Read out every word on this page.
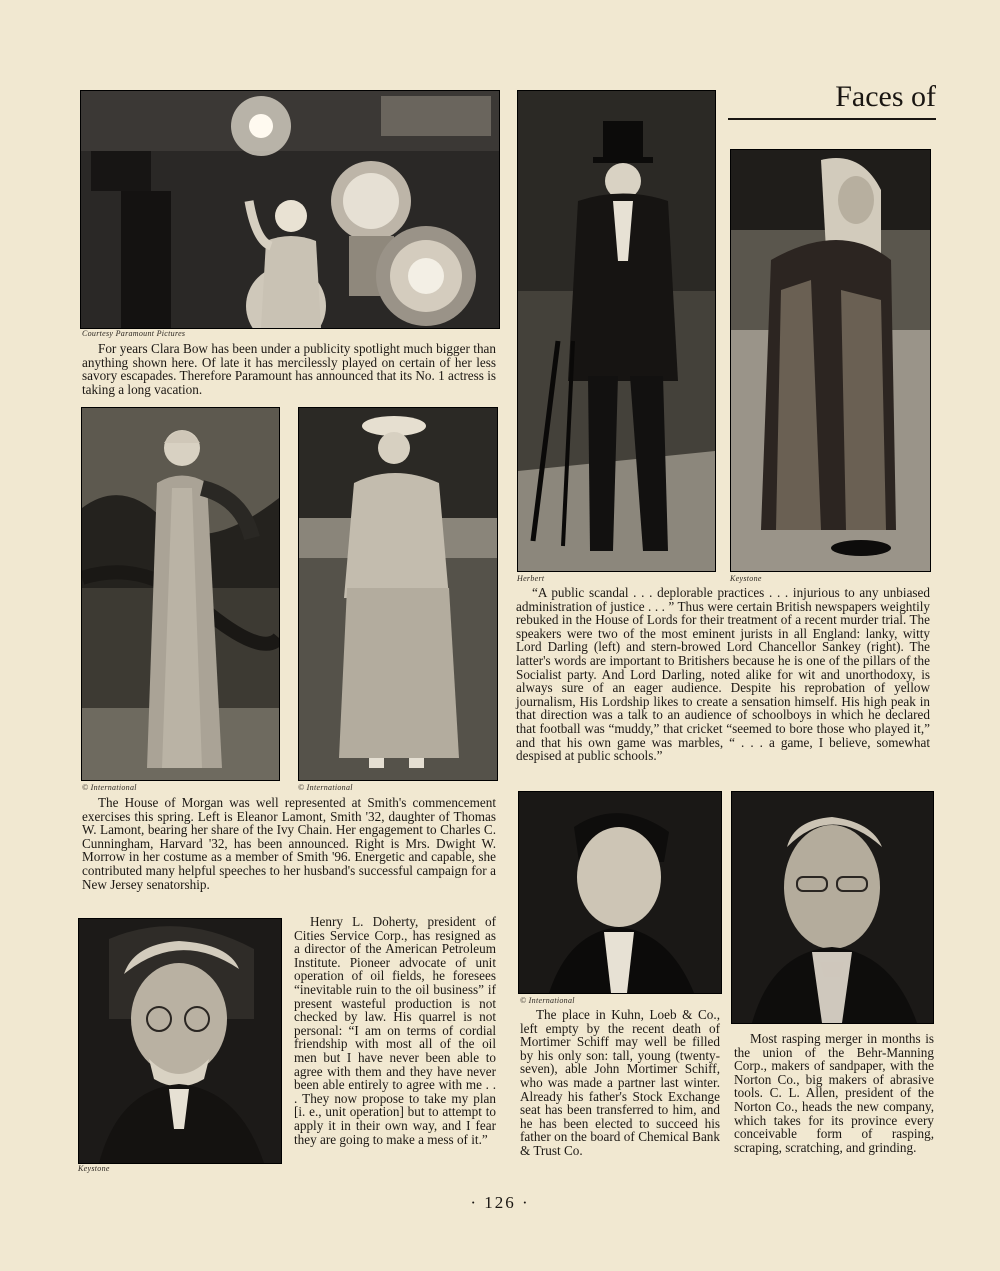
Faces of
Courtesy Paramount Pictures

For years Clara Bow has been under a publicity spotlight much bigger than anything shown here. Of late it has mercilessly played on certain of her less savory escapades. Therefore Paramount has announced that its No. 1 actress is taking a long vacation.

© International	© International

The House of Morgan was well represented at Smith's commencement exercises this spring. Left is Eleanor Lamont, Smith '32, daughter of Thomas W. Lamont, bearing her share of the Ivy Chain. Her engagement to Charles C. Cunningham, Harvard '32, has been announced. Right is Mrs. Dwight W. Morrow in her costume as a member of Smith '96. Energetic and capable, she contributed many helpful speeches to her husband's successful campaign for a New Jersey senatorship.

Keystone

Henry L. Doherty, president of Cities Service Corp., has resigned as a director of the American Petroleum Institute. Pioneer advocate of unit operation of oil fields, he foresees “inevitable ruin to the oil business” if present wasteful production is not checked by law. His quarrel is not personal: “I am on terms of cordial friendship with most all of the oil men but I have never been able to agree with them and they have never been able entirely to agree with me . . . They now propose to take my plan [i. e., unit operation] but to attempt to apply it in their own way, and I fear they are going to make a mess of it.”

Herbert	Keystone

“A public scandal . . . deplorable practices . . . injurious to any unbiased administration of justice . . . ” Thus were certain British newspapers weightily rebuked in the House of Lords for their treatment of a recent murder trial. The speakers were two of the most eminent jurists in all England: lanky, witty Lord Darling (left) and stern-browed Lord Chancellor Sankey (right). The latter's words are important to Britishers because he is one of the pillars of the Socialist party. And Lord Darling, noted alike for wit and unorthodoxy, is always sure of an eager audience. Despite his reprobation of yellow journalism, His Lordship likes to create a sensation himself. His high peak in that direction was a talk to an audience of schoolboys in which he declared that football was “muddy,” that cricket “seemed to bore those who played it,” and that his own game was marbles, “ . . . a game, I believe, somewhat despised at public schools.”

© International

The place in Kuhn, Loeb & Co., left empty by the recent death of Mortimer Schiff may well be filled by his only son: tall, young (twenty-seven), able John Mortimer Schiff, who was made a partner last winter. Already his father's Stock Exchange seat has been transferred to him, and he has been elected to succeed his father on the board of Chemical Bank & Trust Co.

Most rasping merger in months is the union of the Behr-Manning Corp., makers of sandpaper, with the Norton Co., big makers of abrasive tools. C. L. Allen, president of the Norton Co., heads the new company, which takes for its province every conceivable form of rasping, scraping, scratching, and grinding.

· 126 ·
